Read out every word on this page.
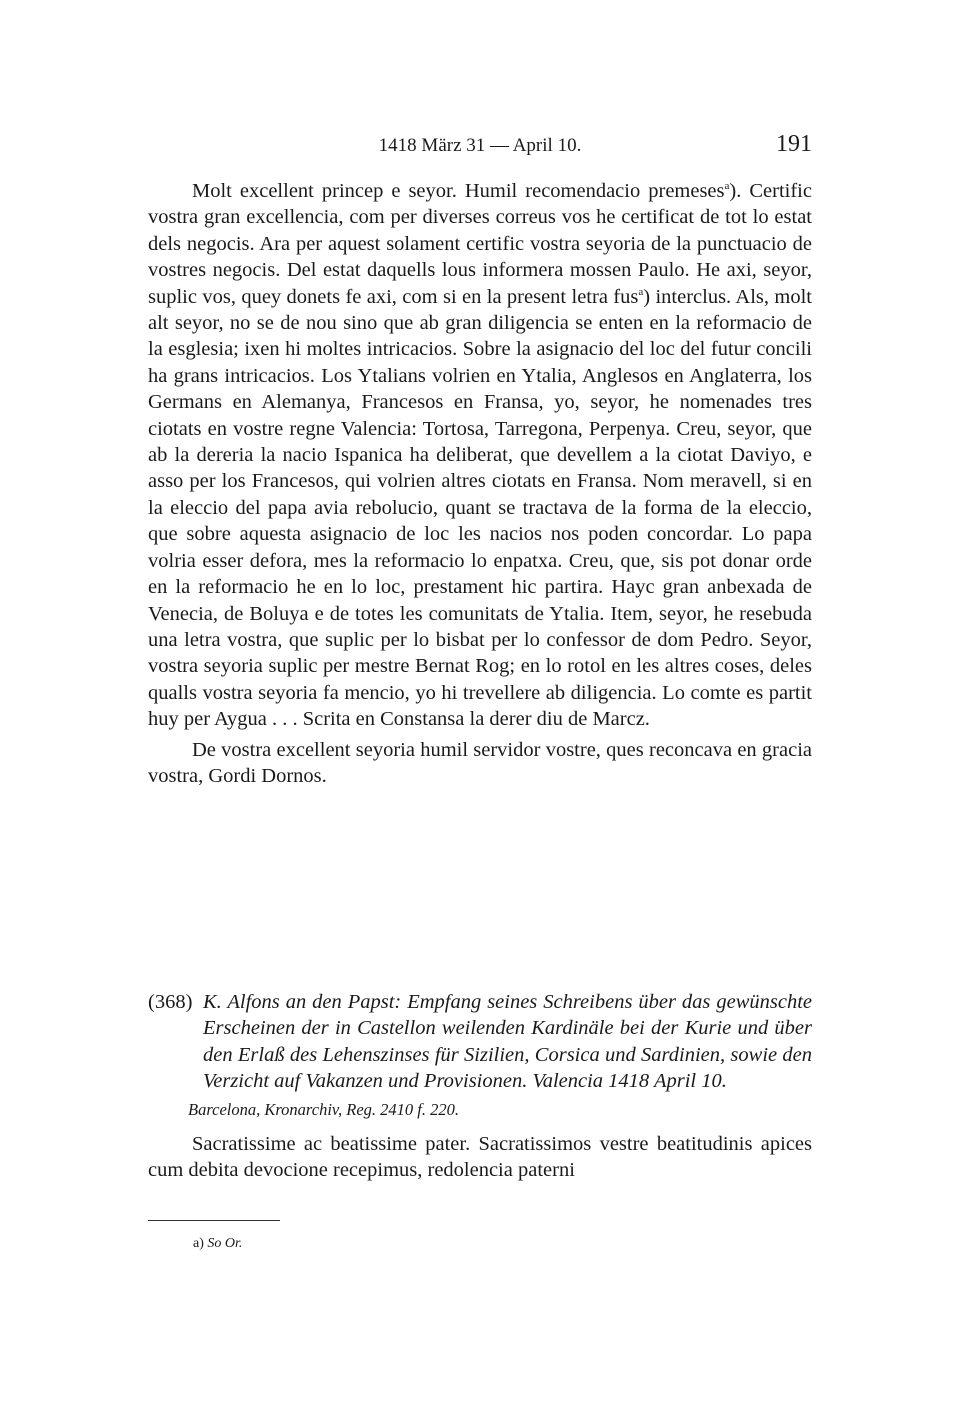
1418 März 31 — April 10.	191

Molt excellent princep e seyor. Humil recomendacio premeses$^a$). Certific vostra gran excellencia, com per diverses correus vos he certificat de tot lo estat dels negocis. Ara per aquest solament certific vostra seyoria de la punctuacio de vostres negocis. Del estat daquells lous informera mossen Paulo. He axi, seyor, suplic vos, quey donets fe axi, com si en la present letra fus$^a$) interclus. Als, molt alt seyor, no se de nou sino que ab gran diligencia se enten en la reformacio de la esglesia; ixen hi moltes intricacios. Sobre la asignacio del loc del futur concili ha grans intricacios. Los Ytalians volrien en Ytalia, Anglesos en Anglaterra, los Germans en Alemanya, Francesos en Fransa, yo, seyor, he nomenades tres ciotats en vostre regne Valencia: Tortosa, Tarregona, Perpenya. Creu, seyor, que ab la dereria la nacio Ispanica ha deliberat, que devellem a la ciotat Daviyo, e asso per los Francesos, qui volrien altres ciotats en Fransa. Nom meravell, si en la eleccio del papa avia rebolucio, quant se tractava de la forma de la eleccio, que sobre aquesta asignacio de loc les nacios nos poden concordar. Lo papa volria esser defora, mes la reformacio lo enpatxa. Creu, que, sis pot donar orde en la reformacio he en lo loc, prestament hic partira. Hayc gran anbexada de Venecia, de Boluya e de totes les comunitats de Ytalia. Item, seyor, he resebuda una letra vostra, que suplic per lo bisbat per lo confessor de dom Pedro. Seyor, vostra seyoria suplic per mestre Bernat Rog; en lo rotol en les altres coses, deles qualls vostra seyoria fa mencio, yo hi trevellere ab diligencia. Lo comte es partit huy per Aygua . . . Scrita en Constansa la derer diu de Marcz.

De vostra excellent seyoria humil servidor vostre, ques reconcava en gracia vostra, Gordi Dornos.

(368) K. Alfons an den Papst: Empfang seines Schreibens über das gewünschte Erscheinen der in Castellon weilenden Kardinäle bei der Kurie und über den Erlaß des Lehenszinses für Sizilien, Corsica und Sardinien, sowie den Verzicht auf Vakanzen und Provisionen. Valencia 1418 April 10.
Barcelona, Kronarchiv, Reg. 2410 f. 220.

Sacratissime ac beatissime pater. Sacratissimos vestre beatitudinis apices cum debita devocione recepimus, redolencia paterni

a) So Or.
